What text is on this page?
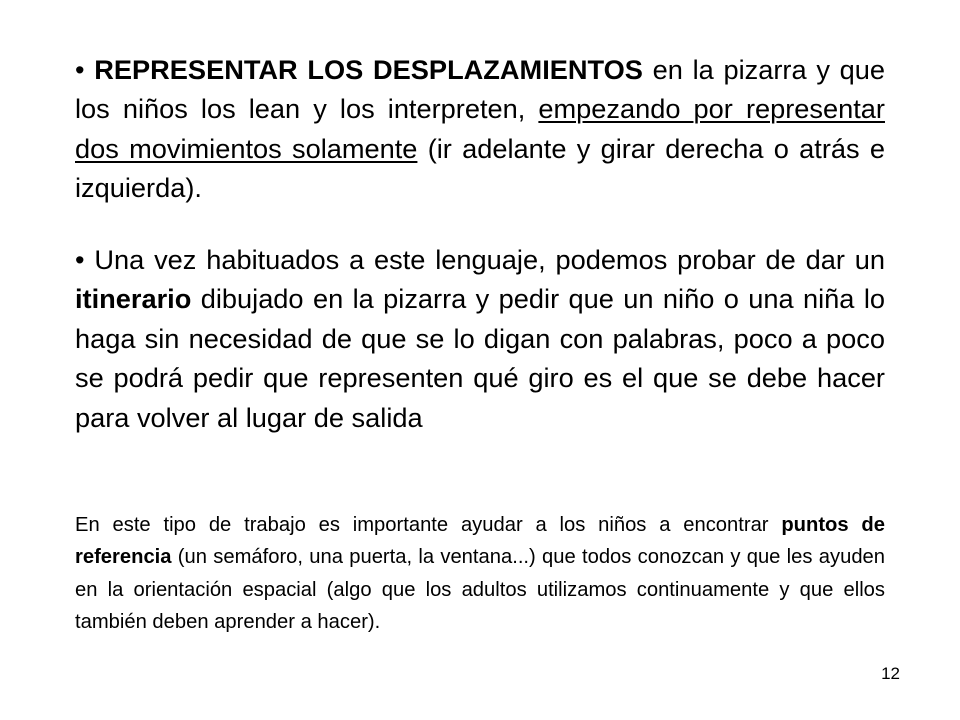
• REPRESENTAR LOS DESPLAZAMIENTOS en la pizarra y que los niños los lean y los interpreten, empezando por representar dos movimientos solamente (ir adelante y girar derecha o atrás e izquierda).
• Una vez habituados a este lenguaje, podemos probar de dar un itinerario dibujado en la pizarra y pedir que un niño o una niña lo haga sin necesidad de que se lo digan con palabras, poco a poco se podrá pedir que representen qué giro es el que se debe hacer para volver al lugar de salida
En este tipo de trabajo es importante ayudar a los niños a encontrar puntos de referencia (un semáforo, una puerta, la ventana...) que todos conozcan y que les ayuden en la orientación espacial (algo que los adultos utilizamos continuamente y que ellos también deben aprender a hacer).
12
